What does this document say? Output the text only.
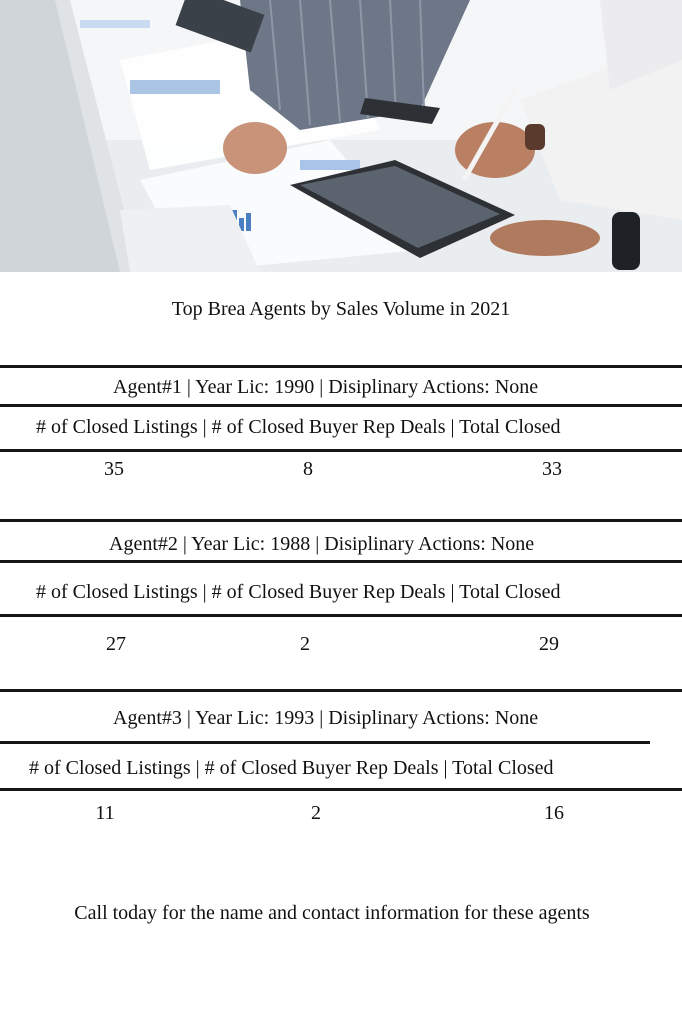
Top Brea Agents by Sales Volume in 2021
Agent#1 | Year Lic: 1990 | Disiplinary Actions: None
# of Closed Listings | # of Closed Buyer Rep Deals | Total Closed
35	8	33
Agent#2 | Year Lic: 1988 | Disiplinary Actions: None
# of Closed Listings | # of Closed Buyer Rep Deals | Total Closed
27	2	29
Agent#3 | Year Lic: 1993 | Disiplinary Actions: None
# of Closed Listings | # of Closed Buyer Rep Deals | Total Closed
11	2	16
Call today for the name and contact information for these agents
